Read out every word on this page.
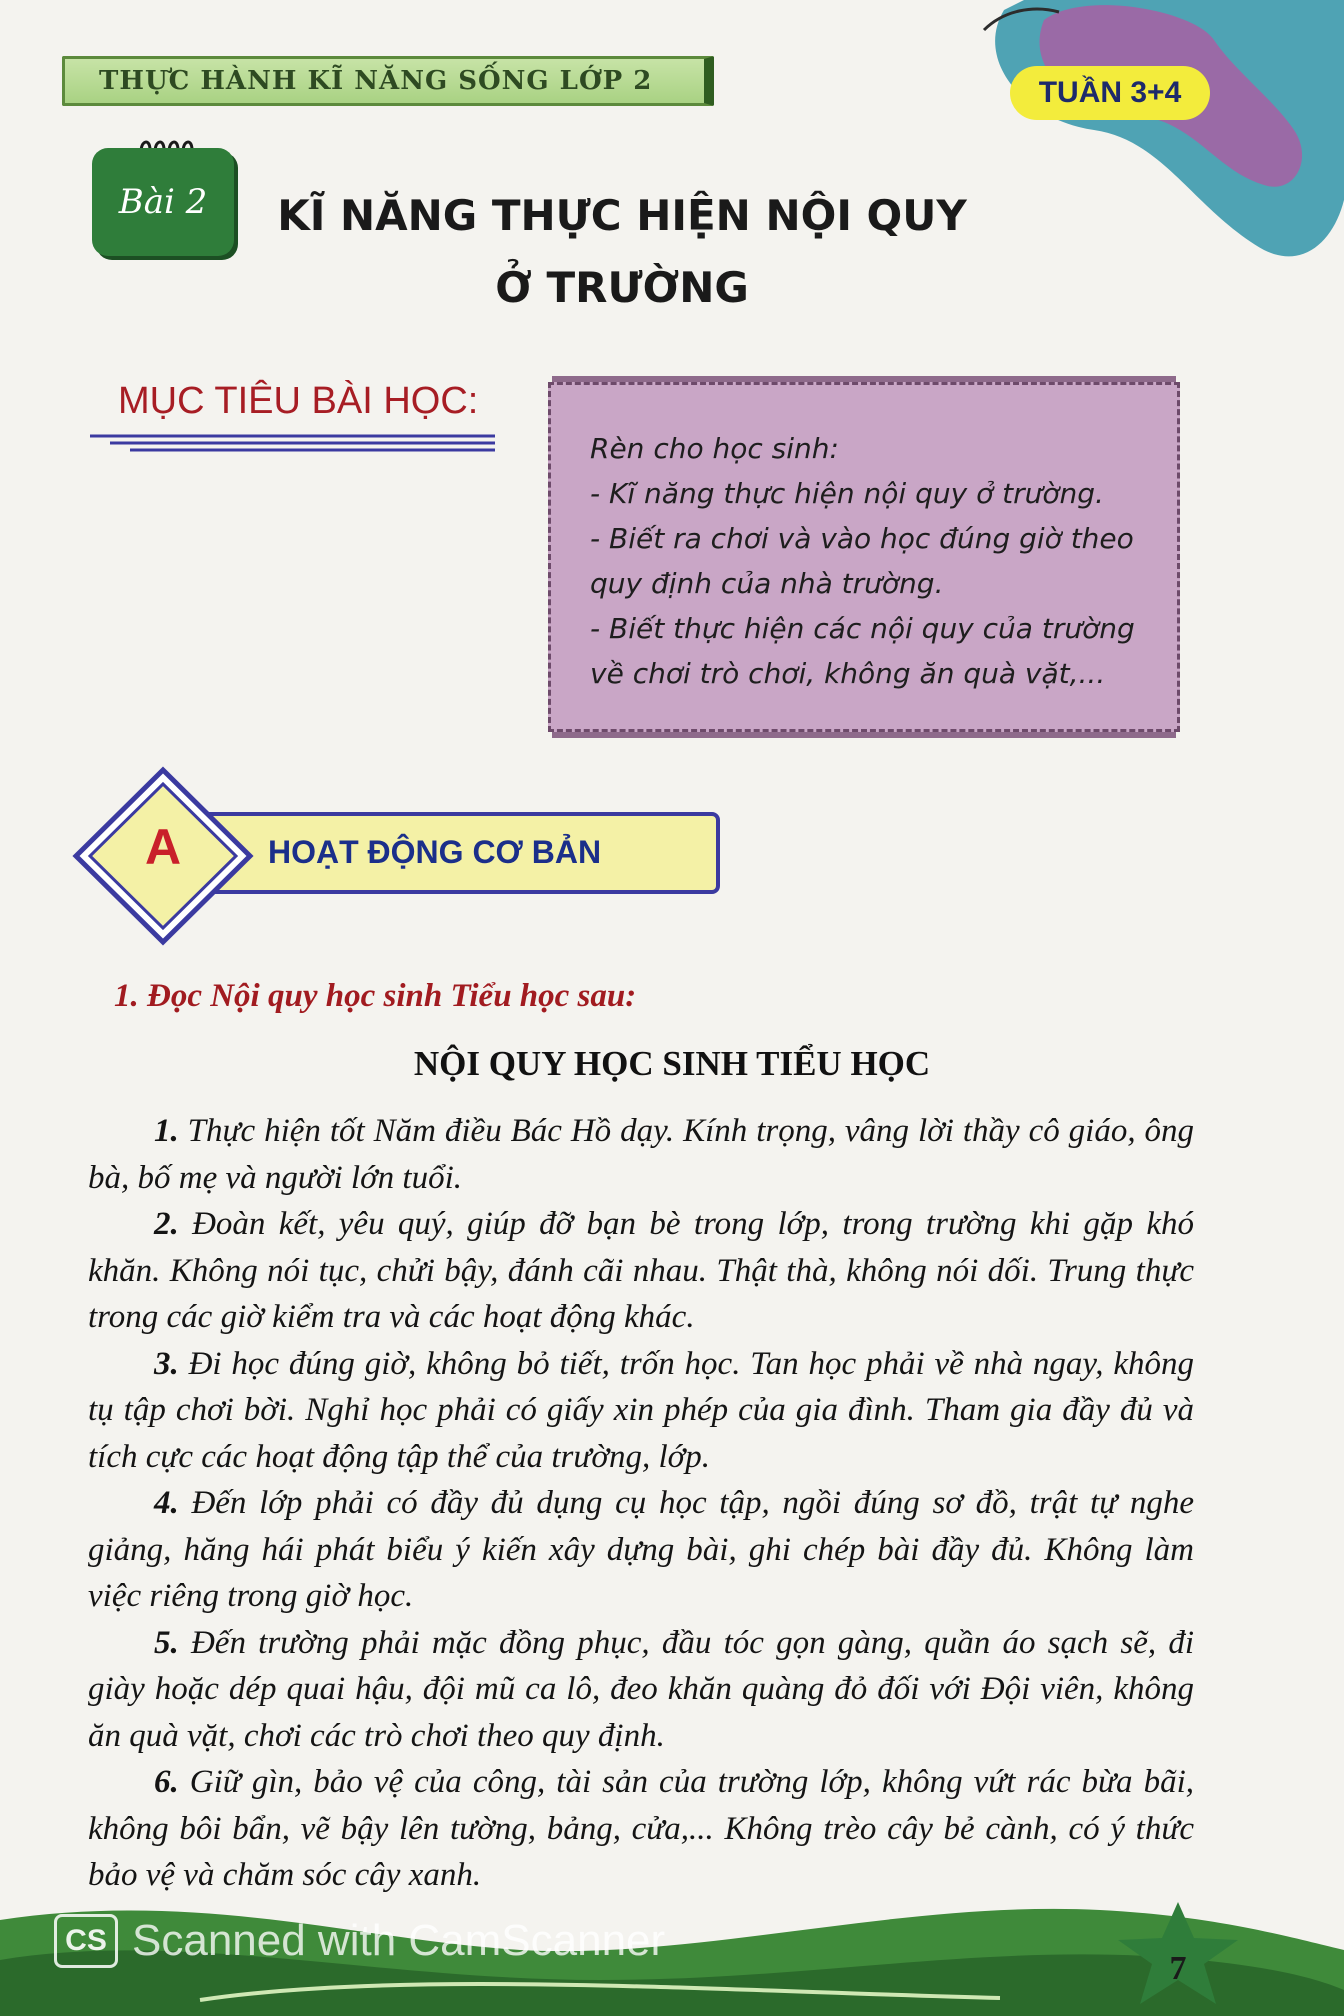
THỰC HÀNH KĨ NĂNG SỐNG LỚP 2	TUẦN 3+4
Bài 2	KĨ NĂNG THỰC HIỆN NỘI QUY
Ở TRƯỜNG
MỤC TIÊU BÀI HỌC:
Rèn cho học sinh:
- Kĩ năng thực hiện nội quy ở trường.
- Biết ra chơi và vào học đúng giờ theo
quy định của nhà trường.
- Biết thực hiện các nội quy của trường
về chơi trò chơi, không ăn quà vặt,...
A	HOẠT ĐỘNG CƠ BẢN
1. Đọc Nội quy học sinh Tiểu học sau:
NỘI QUY HỌC SINH TIỂU HỌC

1. Thực hiện tốt Năm điều Bác Hồ dạy. Kính trọng, vâng lời thầy cô giáo, ông bà, bố mẹ và người lớn tuổi.

2. Đoàn kết, yêu quý, giúp đỡ bạn bè trong lớp, trong trường khi gặp khó khăn. Không nói tục, chửi bậy, đánh cãi nhau. Thật thà, không nói dối. Trung thực trong các giờ kiểm tra và các hoạt động khác.

3. Đi học đúng giờ, không bỏ tiết, trốn học. Tan học phải về nhà ngay, không tụ tập chơi bời. Nghỉ học phải có giấy xin phép của gia đình. Tham gia đầy đủ và tích cực các hoạt động tập thể của trường, lớp.

4. Đến lớp phải có đầy đủ dụng cụ học tập, ngồi đúng sơ đồ, trật tự nghe giảng, hăng hái phát biểu ý kiến xây dựng bài, ghi chép bài đầy đủ. Không làm việc riêng trong giờ học.

5. Đến trường phải mặc đồng phục, đầu tóc gọn gàng, quần áo sạch sẽ, đi giày hoặc dép quai hậu, đội mũ ca lô, đeo khăn quàng đỏ đối với Đội viên, không ăn quà vặt, chơi các trò chơi theo quy định.

6. Giữ gìn, bảo vệ của công, tài sản của trường lớp, không vứt rác bừa bãi, không bôi bẩn, vẽ bậy lên tường, bảng, cửa,... Không trèo cây bẻ cành, có ý thức bảo vệ và chăm sóc cây xanh.

7
CS Scanned with CamScanner
